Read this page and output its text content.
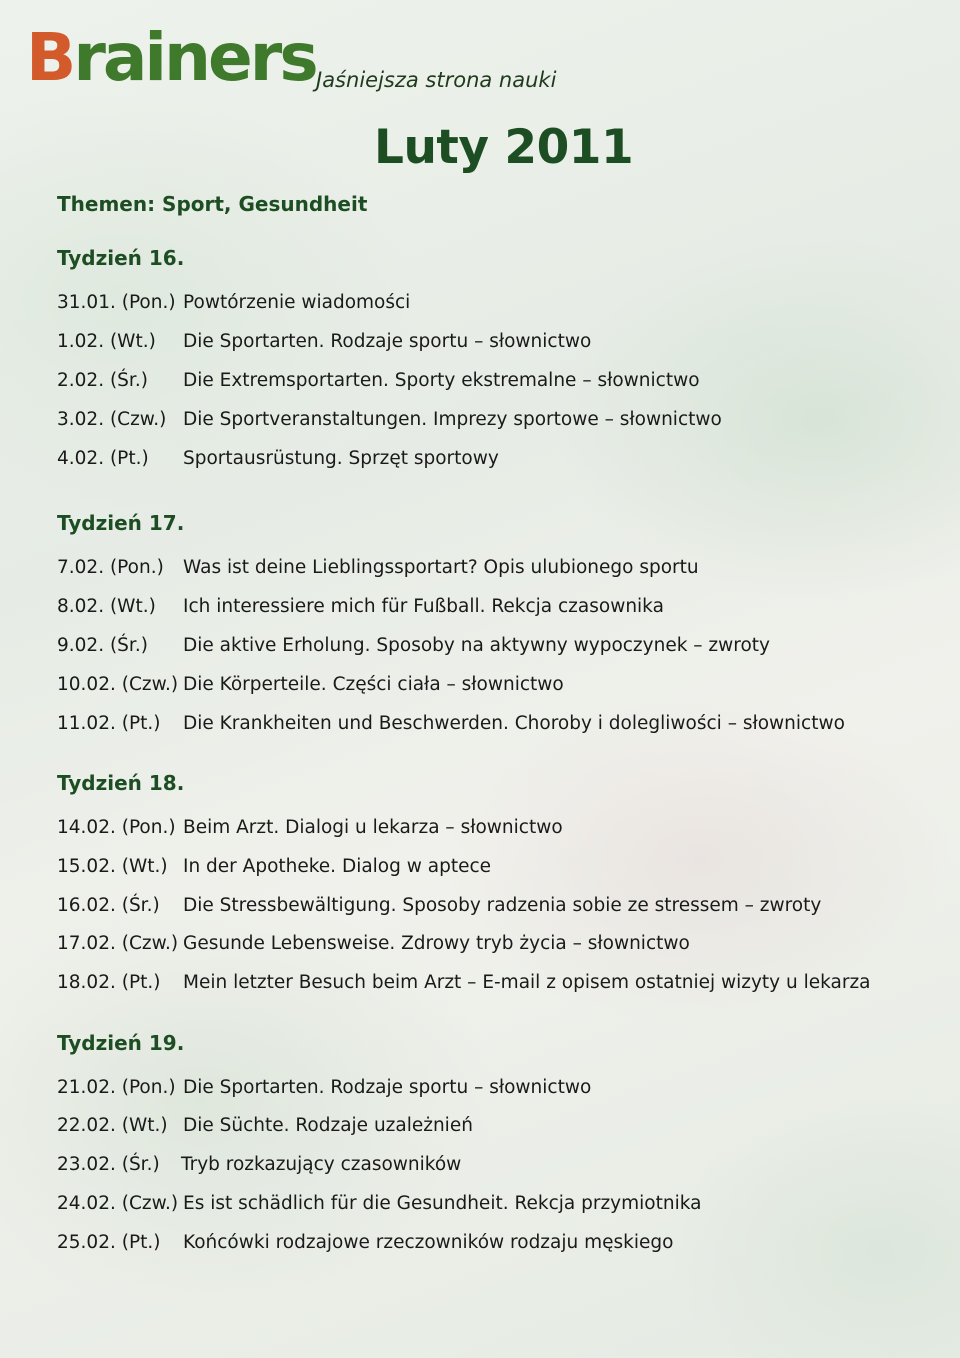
Brainers Jaśniejsza strona nauki
Luty 2011
Themen: Sport, Gesundheit
Tydzień 16.
31.01. (Pon.) Powtórzenie wiadomości
1.02. (Wt.) Die Sportarten. Rodzaje sportu – słownictwo
2.02. (Śr.) Die Extremsportarten. Sporty ekstremalne – słownictwo
3.02. (Czw.) Die Sportveranstaltungen. Imprezy sportowe – słownictwo
4.02. (Pt.) Sportausrüstung. Sprzęt sportowy
Tydzień 17.
7.02. (Pon.) Was ist deine Lieblingssportart? Opis ulubionego sportu
8.02. (Wt.) Ich interessiere mich für Fußball. Rekcja czasownika
9.02. (Śr.) Die aktive Erholung. Sposoby na aktywny wypoczynek – zwroty
10.02. (Czw.) Die Körperteile. Części ciała – słownictwo
11.02. (Pt.) Die Krankheiten und Beschwerden. Choroby i dolegliwości – słownictwo
Tydzień 18.
14.02. (Pon.) Beim Arzt. Dialogi u lekarza – słownictwo
15.02. (Wt.) In der Apotheke. Dialog w aptece
16.02. (Śr.) Die Stressbewältigung. Sposoby radzenia sobie ze stressem – zwroty
17.02. (Czw.) Gesunde Lebensweise. Zdrowy tryb życia – słownictwo
18.02. (Pt.) Mein letzter Besuch beim Arzt – E-mail z opisem ostatniej wizyty u lekarza
Tydzień 19.
21.02. (Pon.) Die Sportarten. Rodzaje sportu – słownictwo
22.02. (Wt.) Die Süchte. Rodzaje uzależnień
23.02. (Śr.) Tryb rozkazujący czasowników
24.02. (Czw.) Es ist schädlich für die Gesundheit. Rekcja przymiotnika
25.02. (Pt.) Końcówki rodzajowe rzeczowników rodzaju męskiego
